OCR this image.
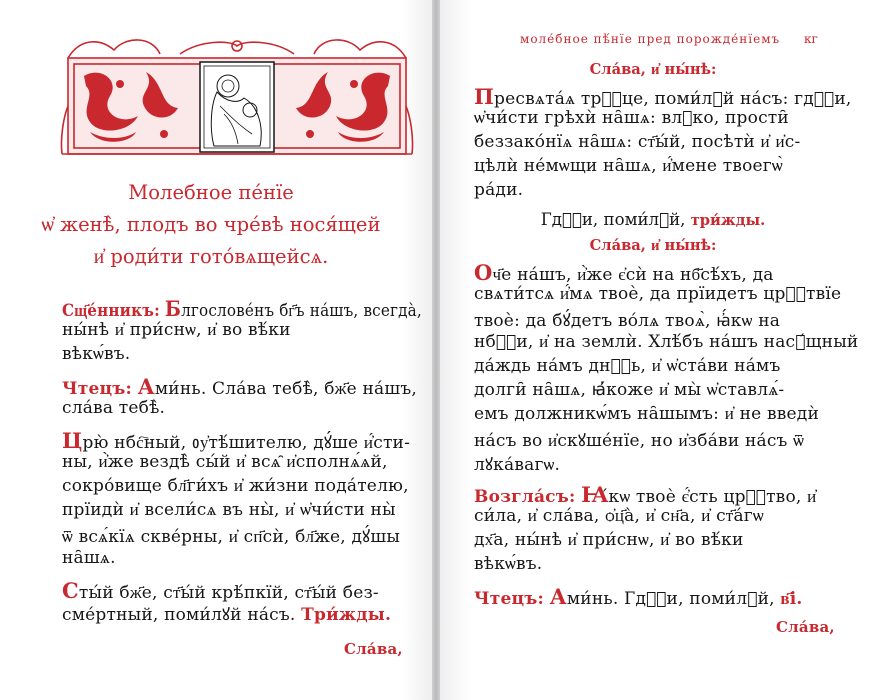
Молебное пе́нїе
ѡ҆ женѣ̀, плодъ во чре́вѣ нося́щей
и҆ роди́ти гото́вѧщейсѧ.
Сщ҃е́нникъ: Блгослове́нъ бг҃ъ на́шъ, всегда̀,
ны́нѣ и҆ при́снѡ, и҆ во вѣ́ки
вѣкѡ́въ.
Чтецъ: Ами́нь. Сла́ва тебѣ̀, бж҃е на́шъ,
сла́ва тебѣ̀.
Црю̀ нбс҇ный, ᲂу҆тѣ́шителю, дꙋ́ше и҆́сти-
ны, и҆̀же вездѣ̀ сы́й и҆ всѧ̑ и҆сполнѧ́ѧй,
сокро́вище бл҃ги́хъ и҆ жи́зни пода́телю,
прїидѝ и҆ всели́сѧ въ ны̀, и҆ ѡ҆чи́сти ны̀
ѿ всѧ́кїѧ скве́рны, и҆ сп҃сѝ, бл҃же, дꙋ́шы
на̑шѧ.
Сты́й бж҃е, ст҃ы́й крѣ́пкїй, ст҃ы́й без-
сме́ртный, поми́лꙋй на́съ. Три́жды.
Сла́ва,
моле́бное пѣ́нїе пред порожде́нїемъ кг
Сла́ва, и҆ ны́нѣ:
Пресвѧта́ѧ трⷪ҇це, поми́лꙋй на́съ: гдⷭ҇и,
ѡ҆чи́сти грѣхѝ на̑шѧ: влⷣко, прости̑
беззако́нїѧ на̑шѧ: ст҃ы́й, посѣтѝ и҆ и҆с-
цѣлѝ не́мѡщи на̑шѧ, и҆́мене твоегѡ̀
ра́ди.
Гдⷭ҇и, поми́лꙋй, три́жды.
Сла́ва, и҆ ны́нѣ:
Оч҃е на́шъ, и҆̀же є҆сѝ на нб҃сѣ́хъ, да
свѧти́тсѧ и҆́мѧ твоѐ, да прїидетъ црⷭ҇твїе
твоѐ: да бꙋ́детъ во́лѧ твоѧ̀, ꙗ҆́кѡ на
нбⷭ҇и, и҆ на землѝ. Хлѣ́бъ на́шъ насꙋ́щный
да́ждь на́мъ днⷭ҇ь, и҆ ѡ҆ста́ви на́мъ
долги̑ на̑шѧ, ꙗ҆́коже и҆ мы̀ ѡ҆ставлѧ́-
емъ должникѡ́мъ на̑шымъ: и҆ не введѝ
на́съ во и҆скꙋше́нїе, но и҆зба́ви на́съ ѿ
лꙋка́вагѡ.
Возгла́съ: Ꙗ́кѡ твоѐ є҆́сть црⷭ҇тво, и҆
си́ла, и҆ сла́ва, ѻ҆ц҃а̀, и҆ сн҃а, и҆ ст҃а́гѡ
дх҃а, ны́нѣ и҆ при́снѡ, и҆ во вѣ́ки
вѣкѡ́въ.
Чтецъ: Ами́нь. Гдⷭ҇и, поми́лꙋй, в҃і.
Сла́ва,
